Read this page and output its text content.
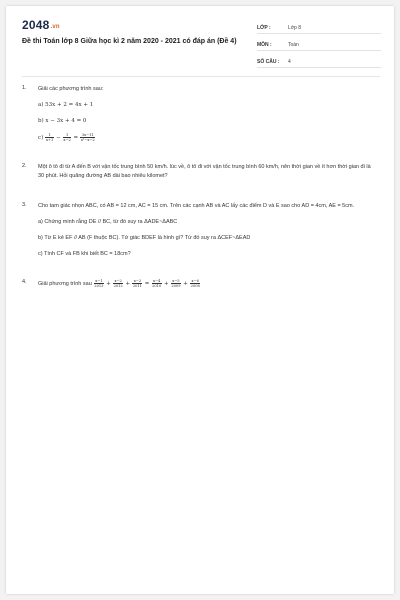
2048.vn
Đề thi Toán lớp 8 Giữa học kì 2 năm 2020 - 2021 có đáp án (Đề 4)
LỚP :	Lớp 8
MÔN :	Toán
SỐ CÂU :	4
1.	Giải các phương trình sau:
a) 53x + 2 = 4x + 1
b) x − 3x + 4 = 0
$c) \frac{1}{x+1} - \frac{1}{x-2} = \frac{3x-11}{\text{x²−x−2}}$
2.	Một ô tô đi từ A đến B với vận tốc trung bình 50 km/h. lúc về, ô tô đi với vận tốc trung bình 60 km/h, nên thời gian về ít hơn thời gian đi là 30 phút. Hỏi quãng đường AB dài bao nhiêu kilomet?
3.	Cho tam giác nhọn ABC, có AB = 12 cm, AC = 15 cm. Trên các cạnh AB và AC lấy các điểm D và E sao cho AD = 4cm, AE = 5cm.
a) Chứng minh rằng DE // BC, từ đó suy ra ΔADE~ΔABC
b) Từ E kẻ EF // AB (F thuộc BC). Tứ giác BDEF là hình gì? Từ đó suy ra ΔCEF~ΔEAD
c) Tính CF và FB khi biết BC = 18cm?
4.	Giải phương trình sau $\frac{x-1}{2013} + \frac{x-2}{2012} + \frac{x-3}{2011} = \frac{x-4}{2010} + \frac{x-5}{2009} + \frac{x-6}{2008}$
